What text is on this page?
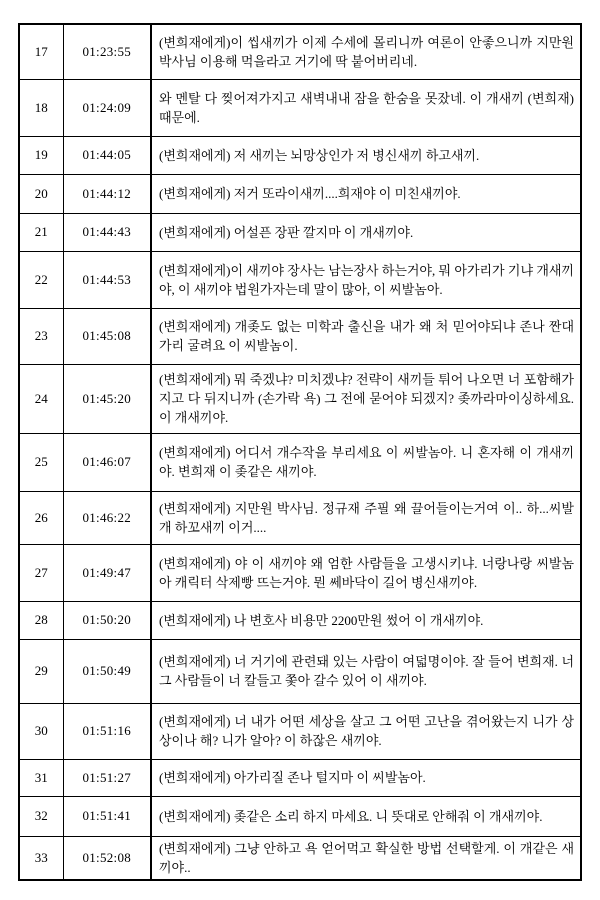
17	01:23:55	(변희재에게)이 씹새끼가 이제 수세에 몰리니까 여론이 안좋으니까 지만원 박사님 이용해 먹을라고 거기에 딱 붙어버리네.
18	01:24:09	와 멘탈 다 찢어져가지고 새벽내내 잠을 한숨을 못잤네. 이 개새끼 (변희재) 때문에.
19	01:44:05	(변희재에게) 저 새끼는 뇌망상인가 저 병신새끼 하고새끼.
20	01:44:12	(변희재에게) 저거 또라이새끼....희재야 이 미친새끼야.
21	01:44:43	(변희재에게) 어설픈 장판 깔지마 이 개새끼야.
22	01:44:53	(변희재에게)이 새끼야 장사는 남는장사 하는거야, 뭐 아가리가 기냐 개새끼야, 이 새끼야 법원가자는데 말이 많아, 이 씨발놈아.
23	01:45:08	(변희재에게) 개좆도 없는 미학과 출신을 내가 왜 처 믿어야되냐 존나 짠대가리 굴려요 이 씨발놈이.
24	01:45:20	(변희재에게) 뭐 죽겠냐? 미치겠냐? 전략이 새끼들 튀어 나오면 너 포함해가지고 다 뒤지니까 (손가락 욕) 그 전에 묻어야 되겠지? 좆까라마이싱하세요. 이 개새끼야.
25	01:46:07	(변희재에게) 어디서 개수작을 부리세요 이 씨발놈아. 니 혼자해 이 개새끼야. 변희재 이 좆같은 새끼야.
26	01:46:22	(변희재에게) 지만원 박사님. 정규재 주필 왜 끌어들이는거여 이.. 하...씨발 개 하꼬새끼 이거....
27	01:49:47	(변희재에게) 야 이 새끼야 왜 엄한 사람들을 고생시키냐. 너랑나랑 씨발놈아 캐릭터 삭제빵 뜨는거야. 뭔 쎄바닥이 길어 병신새끼야.
28	01:50:20	(변희재에게) 나 변호사 비용만 2200만원 썼어 이 개새끼야.
29	01:50:49	(변희재에게) 너 거기에 관련돼 있는 사람이 여덟명이야. 잘 들어 변희재. 너 그 사람들이 너 칼들고 쫓아 갈수 있어 이 새끼야.
30	01:51:16	(변희재에게) 너 내가 어떤 세상을 살고 그 어떤 고난을 겪어왔는지 니가 상상이나 해? 니가 알아? 이 하잖은 새끼야.
31	01:51:27	(변희재에게) 아가리질 존나 털지마 이 씨발놈아.
32	01:51:41	(변희재에게) 좆같은 소리 하지 마세요. 니 뜻대로 안해줘 이 개새끼야.
33	01:52:08	(변희재에게) 그냥 안하고 욕 얻어먹고 확실한 방법 선택할게. 이 개같은 새끼야..
